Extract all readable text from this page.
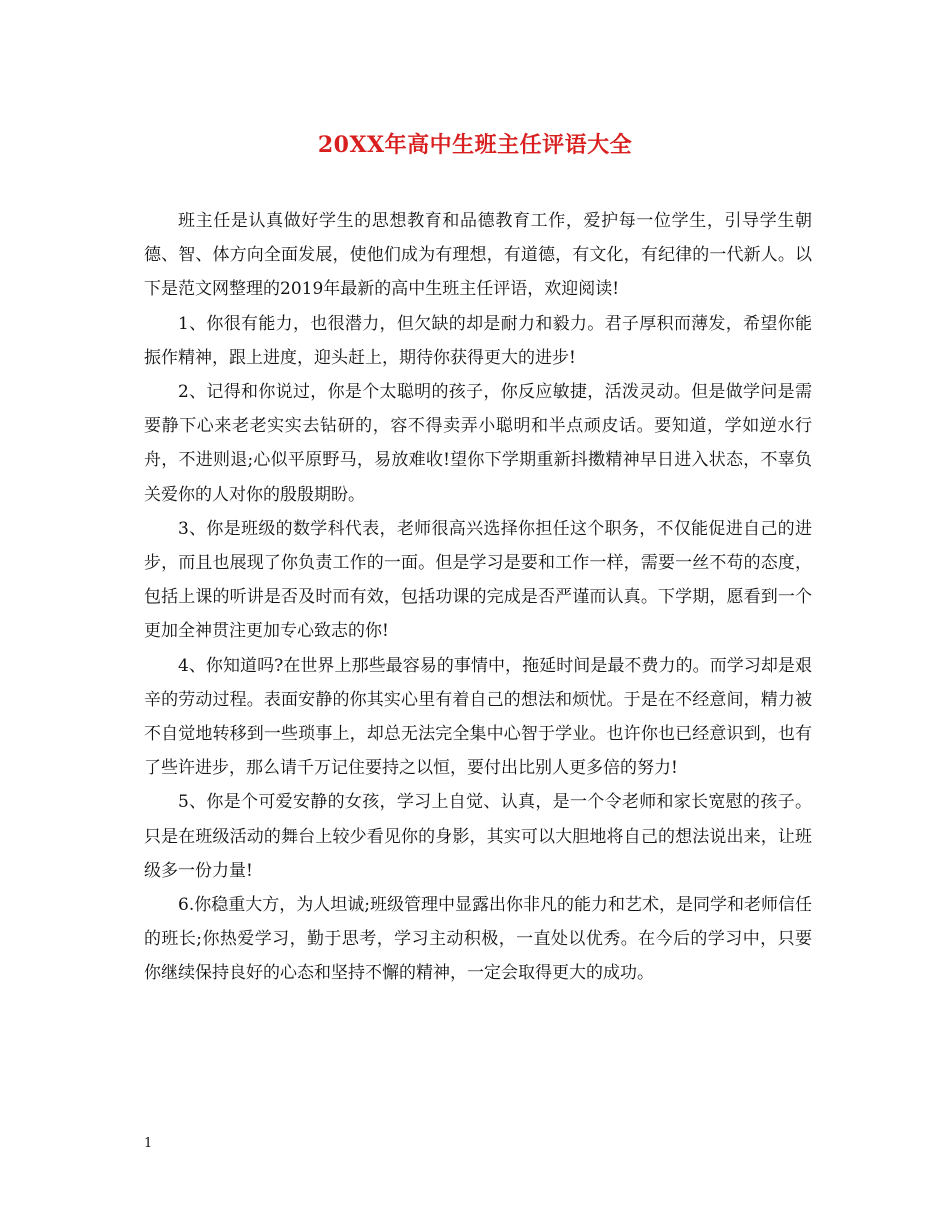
20XX年高中生班主任评语大全

班主任是认真做好学生的思想教育和品德教育工作，爱护每一位学生，引导学生朝德、智、体方向全面发展，使他们成为有理想，有道德，有文化，有纪律的一代新人。以下是范文网整理的2019年最新的高中生班主任评语，欢迎阅读!

1、你很有能力，也很潜力，但欠缺的却是耐力和毅力。君子厚积而薄发，希望你能振作精神，跟上进度，迎头赶上，期待你获得更大的进步!

2、记得和你说过，你是个太聪明的孩子，你反应敏捷，活泼灵动。但是做学问是需要静下心来老老实实去钻研的，容不得卖弄小聪明和半点顽皮话。要知道，学如逆水行舟，不进则退;心似平原野马，易放难收!望你下学期重新抖擞精神早日进入状态，不辜负关爱你的人对你的殷殷期盼。

3、你是班级的数学科代表，老师很高兴选择你担任这个职务，不仅能促进自己的进步，而且也展现了你负责工作的一面。但是学习是要和工作一样，需要一丝不苟的态度，包括上课的听讲是否及时而有效，包括功课的完成是否严谨而认真。下学期，愿看到一个更加全神贯注更加专心致志的你!

4、你知道吗?在世界上那些最容易的事情中，拖延时间是最不费力的。而学习却是艰辛的劳动过程。表面安静的你其实心里有着自己的想法和烦忧。于是在不经意间，精力被不自觉地转移到一些琐事上，却总无法完全集中心智于学业。也许你也已经意识到，也有了些许进步，那么请千万记住要持之以恒，要付出比别人更多倍的努力!

5、你是个可爱安静的女孩，学习上自觉、认真，是一个令老师和家长宽慰的孩子。只是在班级活动的舞台上较少看见你的身影，其实可以大胆地将自己的想法说出来，让班级多一份力量!

6.你稳重大方，为人坦诚;班级管理中显露出你非凡的能力和艺术，是同学和老师信任的班长;你热爱学习，勤于思考，学习主动积极，一直处以优秀。在今后的学习中，只要你继续保持良好的心态和坚持不懈的精神，一定会取得更大的成功。

1
